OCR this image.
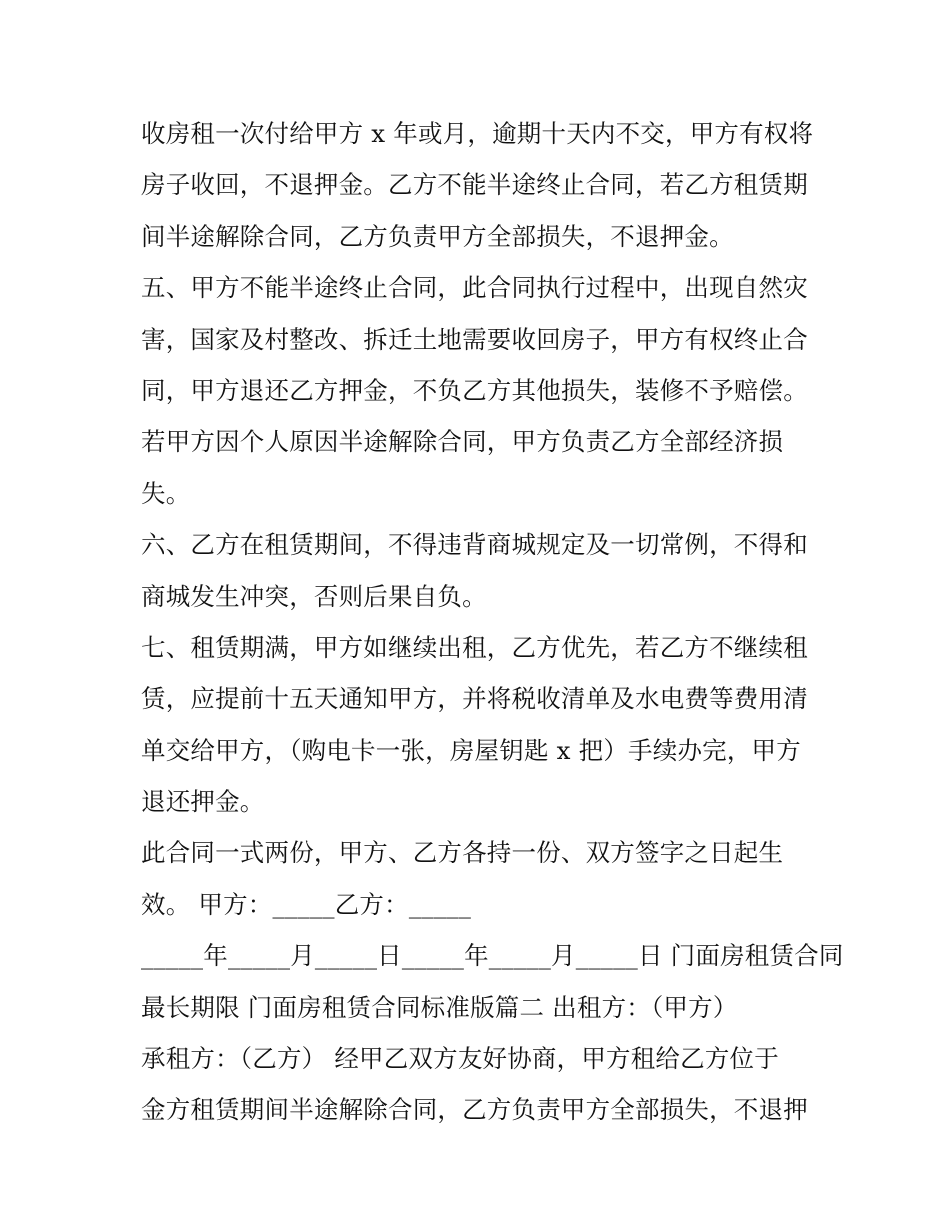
收房租一次付给甲方 x 年或月，逾期十天内不交，甲方有权将
房子收回，不退押金。乙方不能半途终止合同，若乙方租赁期
间半途解除合同，乙方负责甲方全部损失，不退押金。
五、甲方不能半途终止合同，此合同执行过程中，出现自然灾
害，国家及村整改、拆迁土地需要收回房子，甲方有权终止合
同，甲方退还乙方押金，不负乙方其他损失，装修不予赔偿。
若甲方因个人原因半途解除合同，甲方负责乙方全部经济损
失。
六、乙方在租赁期间，不得违背商城规定及一切常例，不得和
商城发生冲突，否则后果自负。
七、租赁期满，甲方如继续出租，乙方优先，若乙方不继续租
赁，应提前十五天通知甲方，并将税收清单及水电费等费用清
单交给甲方，（购电卡一张，房屋钥匙 x 把）手续办完，甲方
退还押金。
此合同一式两份，甲方、乙方各持一份、双方签字之日起生
效。 甲方：_____乙方：_____
_____年_____月_____日_____年_____月_____日 门面房租赁合同
最长期限 门面房租赁合同标准版篇二 出租方：（甲方）
承租方：（乙方） 经甲乙双方友好协商，甲方租给乙方位于
金方租赁期间半途解除合同，乙方负责甲方全部损失，不退押
